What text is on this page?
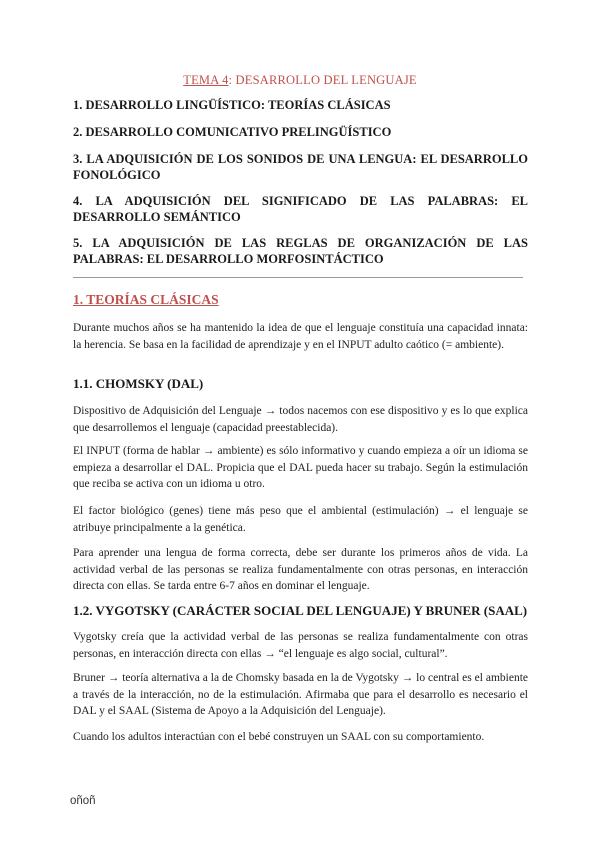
TEMA 4: DESARROLLO DEL LENGUAJE
1. DESARROLLO LINGÜÍSTICO: TEORÍAS CLÁSICAS
2. DESARROLLO COMUNICATIVO PRELINGÜÍSTICO
3. LA ADQUISICIÓN DE LOS SONIDOS DE UNA LENGUA: EL DESARROLLO FONOLÓGICO
4. LA ADQUISICIÓN DEL SIGNIFICADO DE LAS PALABRAS: EL DESARROLLO SEMÁNTICO
5. LA ADQUISICIÓN DE LAS REGLAS DE ORGANIZACIÓN DE LAS PALABRAS: EL DESARROLLO MORFOSINTÁCTICO
1. TEORÍAS CLÁSICAS
Durante muchos años se ha mantenido la idea de que el lenguaje constituía una capacidad innata: la herencia. Se basa en la facilidad de aprendizaje y en el INPUT adulto caótico (= ambiente).
1.1. CHOMSKY (DAL)
Dispositivo de Adquisición del Lenguaje → todos nacemos con ese dispositivo y es lo que explica que desarrollemos el lenguaje (capacidad preestablecida).
El INPUT (forma de hablar → ambiente) es sólo informativo y cuando empieza a oír un idioma se empieza a desarrollar el DAL. Propicia que el DAL pueda hacer su trabajo. Según la estimulación que reciba se activa con un idioma u otro.
El factor biológico (genes) tiene más peso que el ambiental (estimulación) → el lenguaje se atribuye principalmente a la genética.
Para aprender una lengua de forma correcta, debe ser durante los primeros años de vida. La actividad verbal de las personas se realiza fundamentalmente con otras personas, en interacción directa con ellas. Se tarda entre 6-7 años en dominar el lenguaje.
1.2. VYGOTSKY (CARÁCTER SOCIAL DEL LENGUAJE) Y BRUNER (SAAL)
Vygotsky creía que la actividad verbal de las personas se realiza fundamentalmente con otras personas, en interacción directa con ellas → “el lenguaje es algo social, cultural”.
Bruner → teoría alternativa a la de Chomsky basada en la de Vygotsky → lo central es el ambiente a través de la interacción, no de la estimulación. Afirmaba que para el desarrollo es necesario el DAL y el SAAL (Sistema de Apoyo a la Adquisición del Lenguaje).
Cuando los adultos interactúan con el bebé construyen un SAAL con su comportamiento.
oñoñ
